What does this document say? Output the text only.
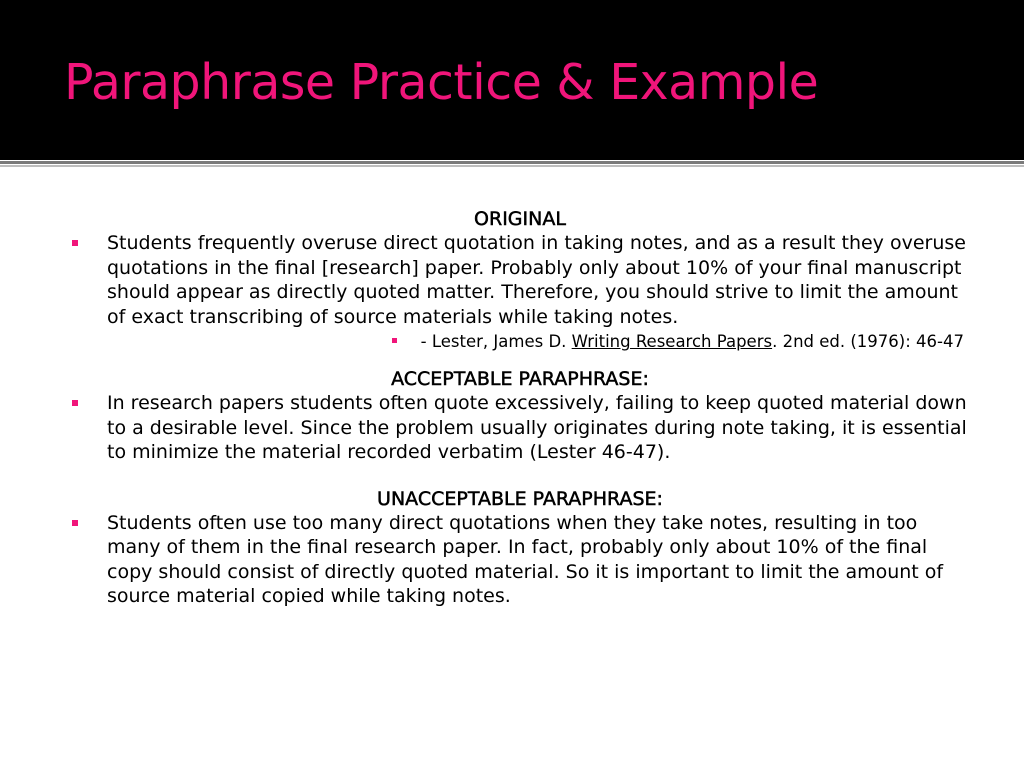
Paraphrase Practice & Example

ORIGINAL

Students frequently overuse direct quotation in taking notes, and as a result they overuse quotations in the final [research] paper. Probably only about 10% of your final manuscript should appear as directly quoted matter. Therefore, you should strive to limit the amount of exact transcribing of source materials while taking notes.
- Lester, James D. Writing Research Papers. 2nd ed. (1976): 46-47

ACCEPTABLE PARAPHRASE:

In research papers students often quote excessively, failing to keep quoted material down to a desirable level. Since the problem usually originates during note taking, it is essential to minimize the material recorded verbatim (Lester 46-47).

UNACCEPTABLE PARAPHRASE:

Students often use too many direct quotations when they take notes, resulting in too many of them in the final research paper. In fact, probably only about 10% of the final copy should consist of directly quoted material. So it is important to limit the amount of source material copied while taking notes.
